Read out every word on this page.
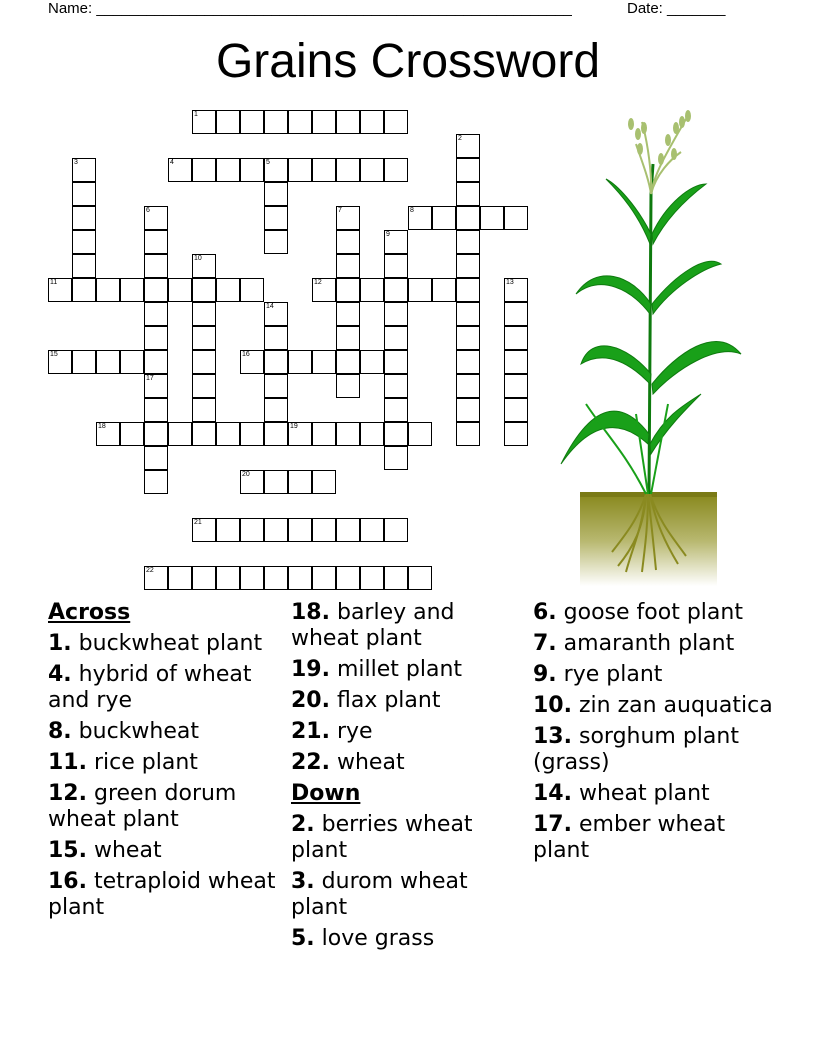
Name: _________________________________________________________	Date: _______
Grains Crossword
1
2
3	4	5
6	7	8
9
10
11	12	13
14
15	16
17
18	19
20
21
22
Across
1. buckwheat plant
4. hybrid of wheat and rye
8. buckwheat
11. rice plant
12. green dorum wheat plant
15. wheat
16. tetraploid wheat plant
18. barley and wheat plant
19. millet plant
20. flax plant
21. rye
22. wheat
Down
2. berries wheat plant
3. durom wheat plant
5. love grass
6. goose foot plant
7. amaranth plant
9. rye plant
10. zin zan auquatica
13. sorghum plant (grass)
14. wheat plant
17. ember wheat plant
